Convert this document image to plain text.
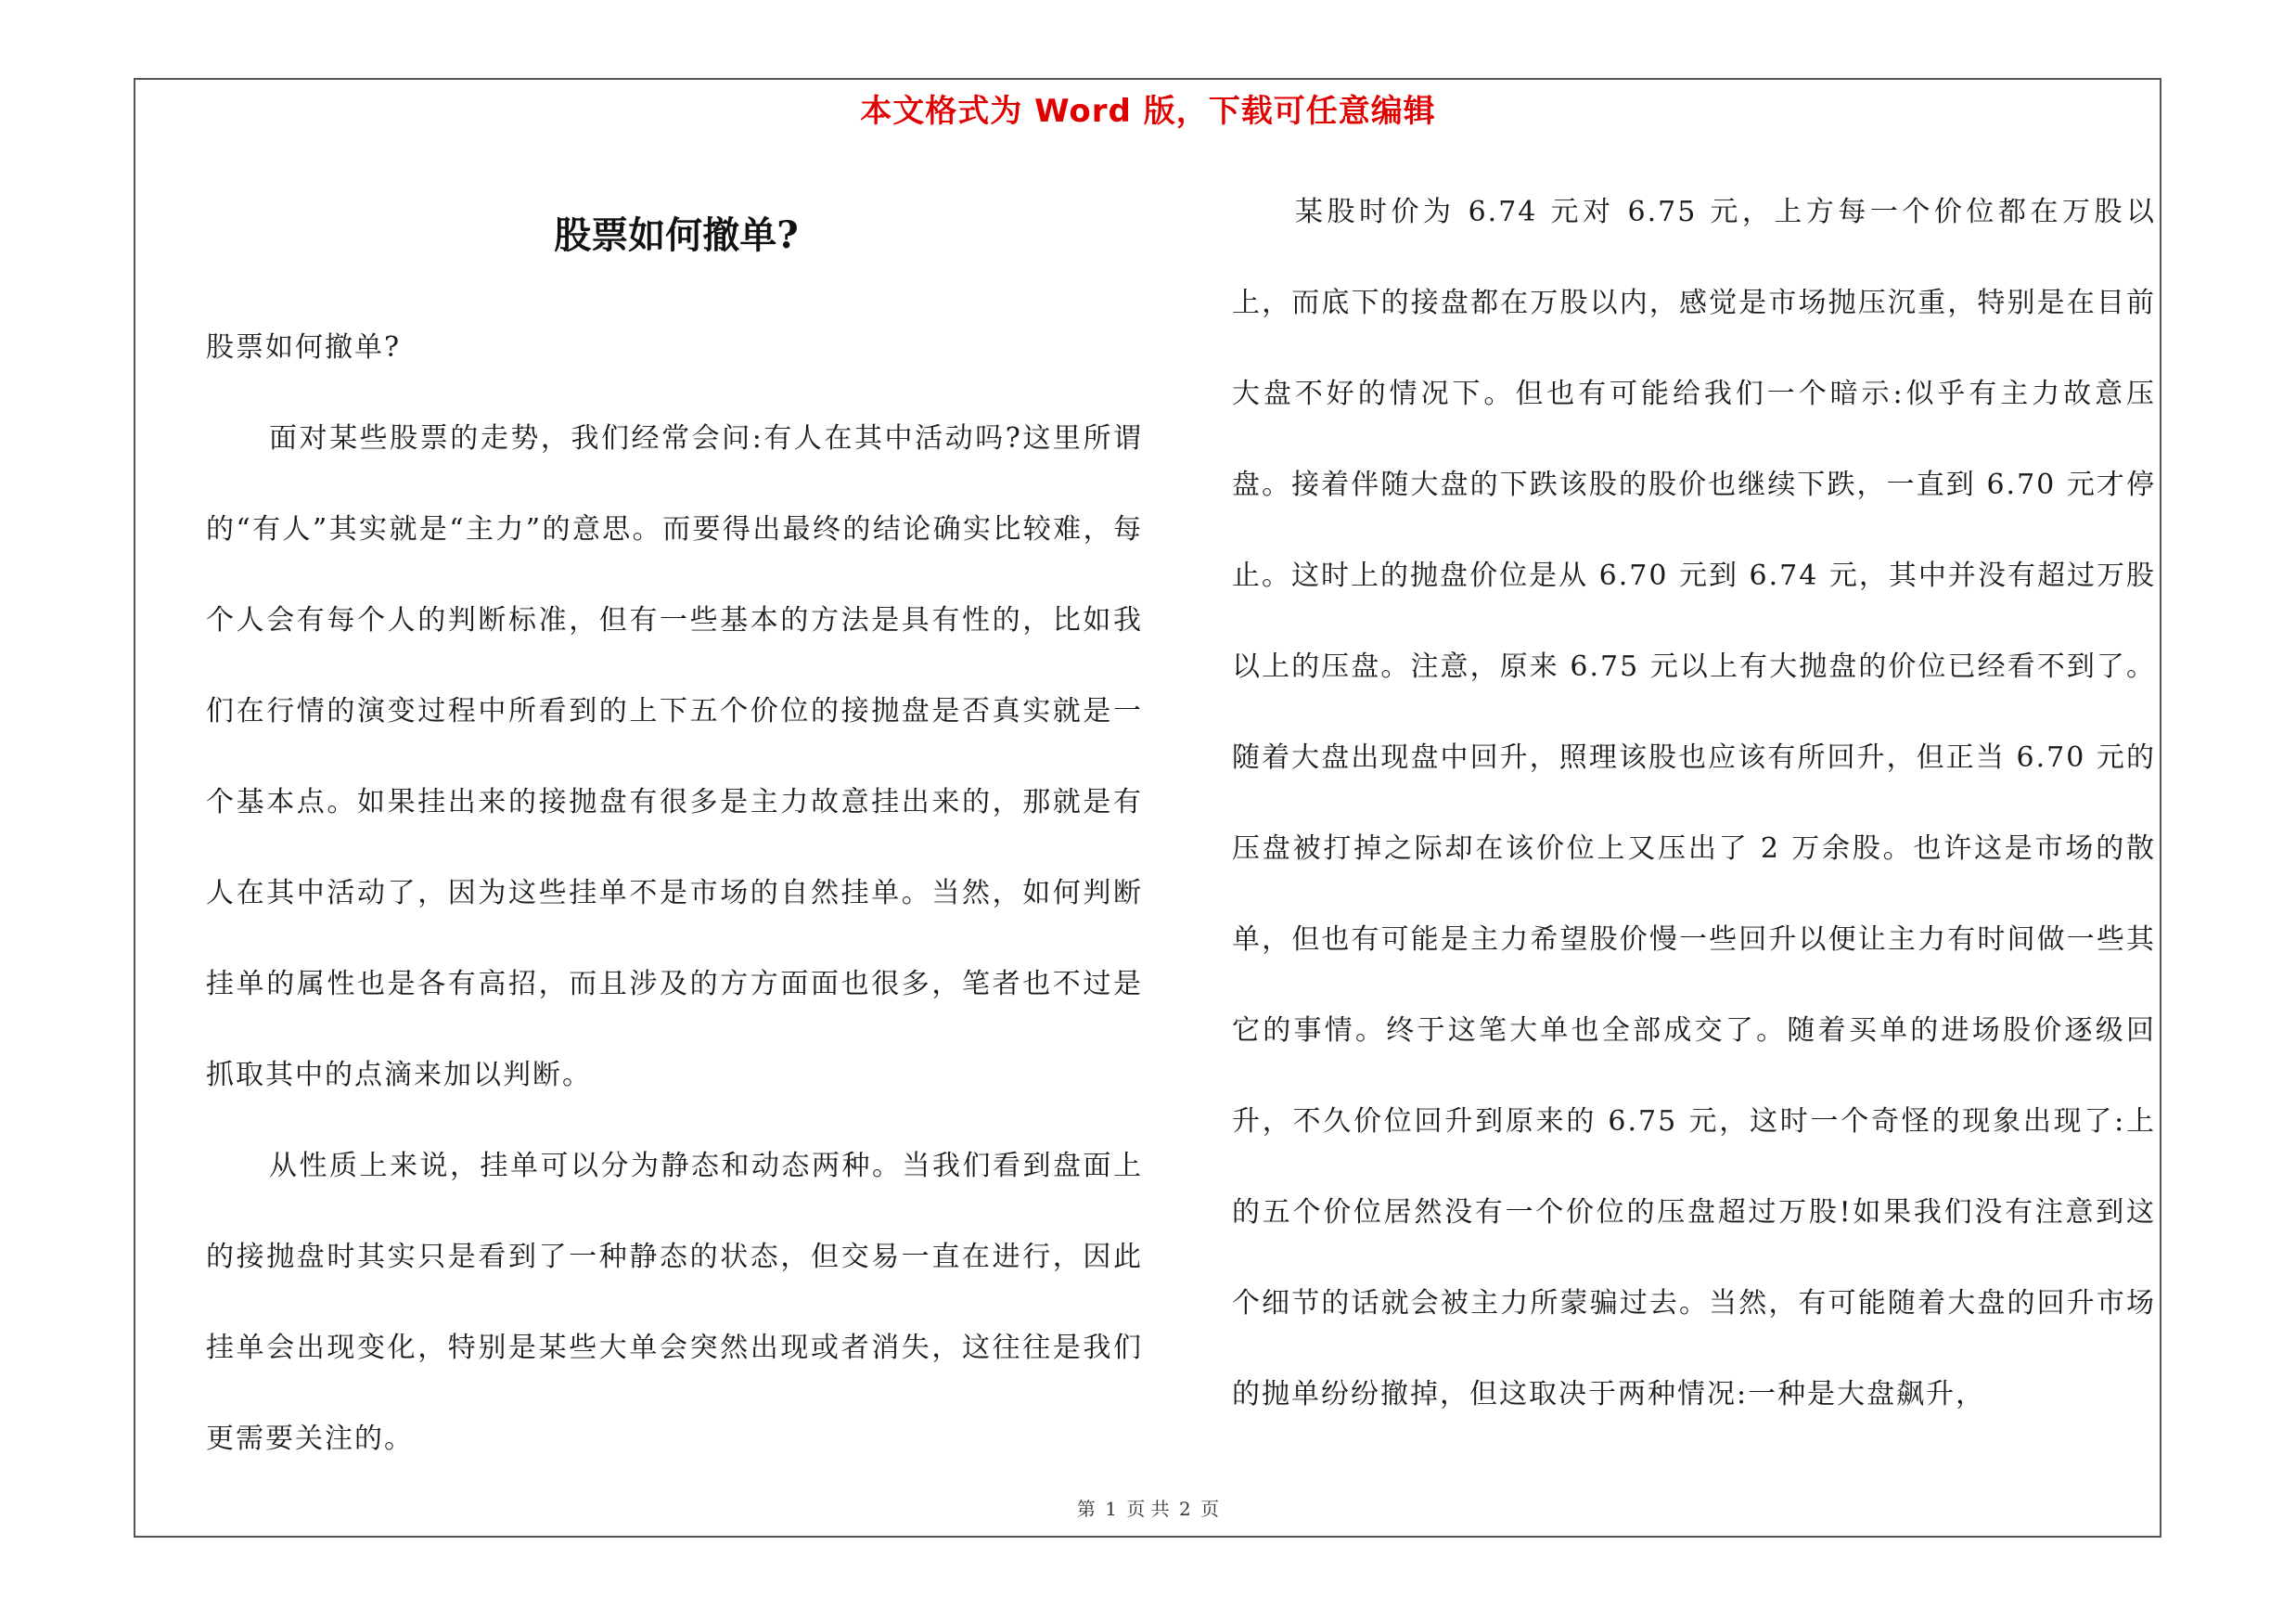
本文格式为 Word 版，下载可任意编辑
股票如何撤单?

股票如何撤单?

面对某些股票的走势，我们经常会问:有人在其中活动吗?这里所谓的“有人”其实就是“主力”的意思。而要得出最终的结论确实比较难，每个人会有每个人的判断标准，但有一些基本的方法是具有性的，比如我们在行情的演变过程中所看到的上下五个价位的接抛盘是否真实就是一个基本点。如果挂出来的接抛盘有很多是主力故意挂出来的，那就是有人在其中活动了，因为这些挂单不是市场的自然挂单。当然，如何判断挂单的属性也是各有高招，而且涉及的方方面面也很多，笔者也不过是抓取其中的点滴来加以判断。

从性质上来说，挂单可以分为静态和动态两种。当我们看到盘面上的接抛盘时其实只是看到了一种静态的状态，但交易一直在进行，因此挂单会出现变化，特别是某些大单会突然出现或者消失，这往往是我们更需要关注的。

某股时价为 6.74 元对 6.75 元，上方每一个价位都在万股以上，而底下的接盘都在万股以内，感觉是市场抛压沉重，特别是在目前大盘不好的情况下。但也有可能给我们一个暗示:似乎有主力故意压盘。接着伴随大盘的下跌该股的股价也继续下跌，一直到 6.70 元才停止。这时上的抛盘价位是从 6.70 元到 6.74 元，其中并没有超过万股以上的压盘。注意，原来 6.75 元以上有大抛盘的价位已经看不到了。随着大盘出现盘中回升，照理该股也应该有所回升，但正当 6.70 元的压盘被打掉之际却在该价位上又压出了 2 万余股。也许这是市场的散单，但也有可能是主力希望股价慢一些回升以便让主力有时间做一些其它的事情。终于这笔大单也全部成交了。随着买单的进场股价逐级回升，不久价位回升到原来的 6.75 元，这时一个奇怪的现象出现了:上的五个价位居然没有一个价位的压盘超过万股!如果我们没有注意到这个细节的话就会被主力所蒙骗过去。当然，有可能随着大盘的回升市场的抛单纷纷撤掉，但这取决于两种情况:一种是大盘飙升，

第 1 页 共 2 页
